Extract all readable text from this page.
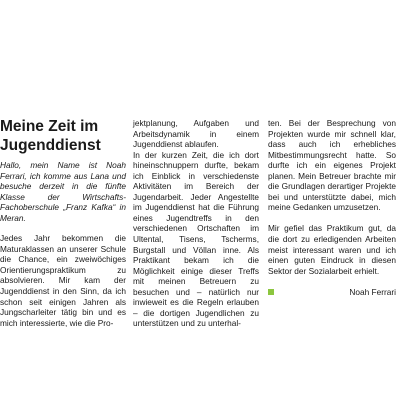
Meine Zeit im Jugenddienst

Hallo, mein Name ist Noah Ferrari, ich komme aus Lana und besuche derzeit in die fünfte Klasse der Wirtschafts-Fachoberschule „Franz Kafka“ in Meran.

Jedes Jahr bekommen die Maturaklassen an unserer Schule die Chance, ein zweiwöchiges Orientierungspraktikum zu absolvieren. Mir kam der Jugenddienst in den Sinn, da ich schon seit einigen Jahren als Jungscharleiter tätig bin und es mich interessierte, wie die Pro-

jektplanung, Aufgaben und Arbeitsdynamik in einem Jugenddienst ablaufen.

In der kurzen Zeit, die ich dort hineinschnuppern durfte, bekam ich Einblick in verschiedenste Aktivitäten im Bereich der Jugendarbeit. Jeder Angestellte im Jugenddienst hat die Führung eines Jugendtreffs in den verschiedenen Ortschaften im Ultental, Tisens, Tscherms, Burgstall und Völlan inne. Als Praktikant bekam ich die Möglichkeit einige dieser Treffs mit meinen Betreuern zu besuchen und – natürlich nur inwieweit es die Regeln erlauben – die dortigen Jugendlichen zu unterstützen und zu unterhal-

ten. Bei der Besprechung von Projekten wurde mir schnell klar, dass auch ich erhebliches Mitbestimmungsrecht hatte. So durfte ich ein eigenes Projekt planen. Mein Betreuer brachte mir die Grundlagen derartiger Projekte bei und unterstützte dabei, mich meine Gedanken umzusetzen.

Mir gefiel das Praktikum gut, da die dort zu erledigenden Arbeiten meist interessant waren und ich einen guten Eindruck in diesen Sektor der Sozialarbeit erhielt.

Noah Ferrari
